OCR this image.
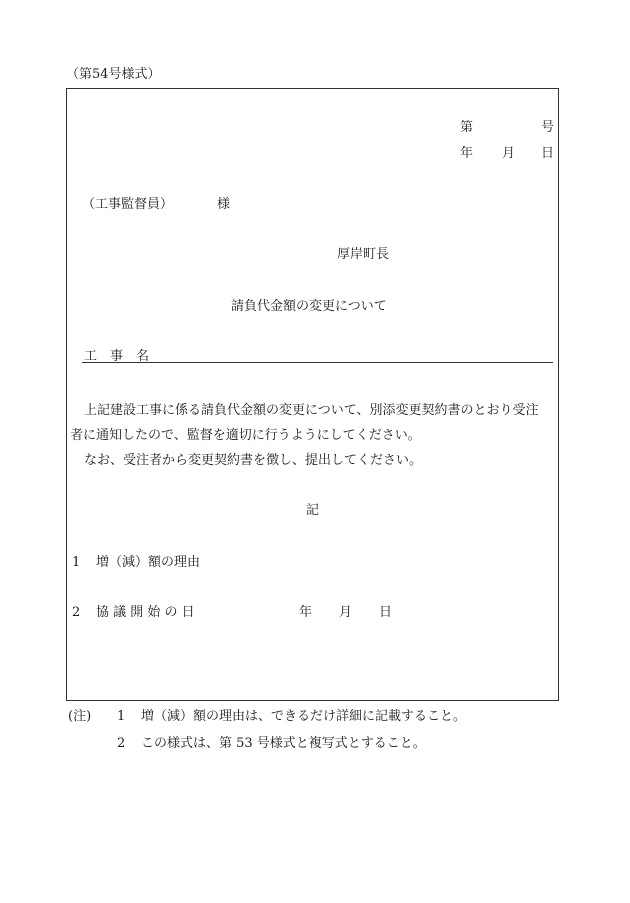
（第54号様式）
第	号
年 月 日
（工事監督員）	様
厚岸町長
請負代金額の変更について
工　事　名
上記建設工事に係る請負代金額の変更について、別添変更契約書のとおり受注
者に通知したので、監督を適切に行うようにしてください。
なお、受注者から変更契約書を徴し、提出してください。
記
1 増（減）額の理由
2 協 議 開 始 の 日	年 月 日
(注) 1 増（減）額の理由は、できるだけ詳細に記載すること。
2 この様式は、第 53 号様式と複写式とすること。
